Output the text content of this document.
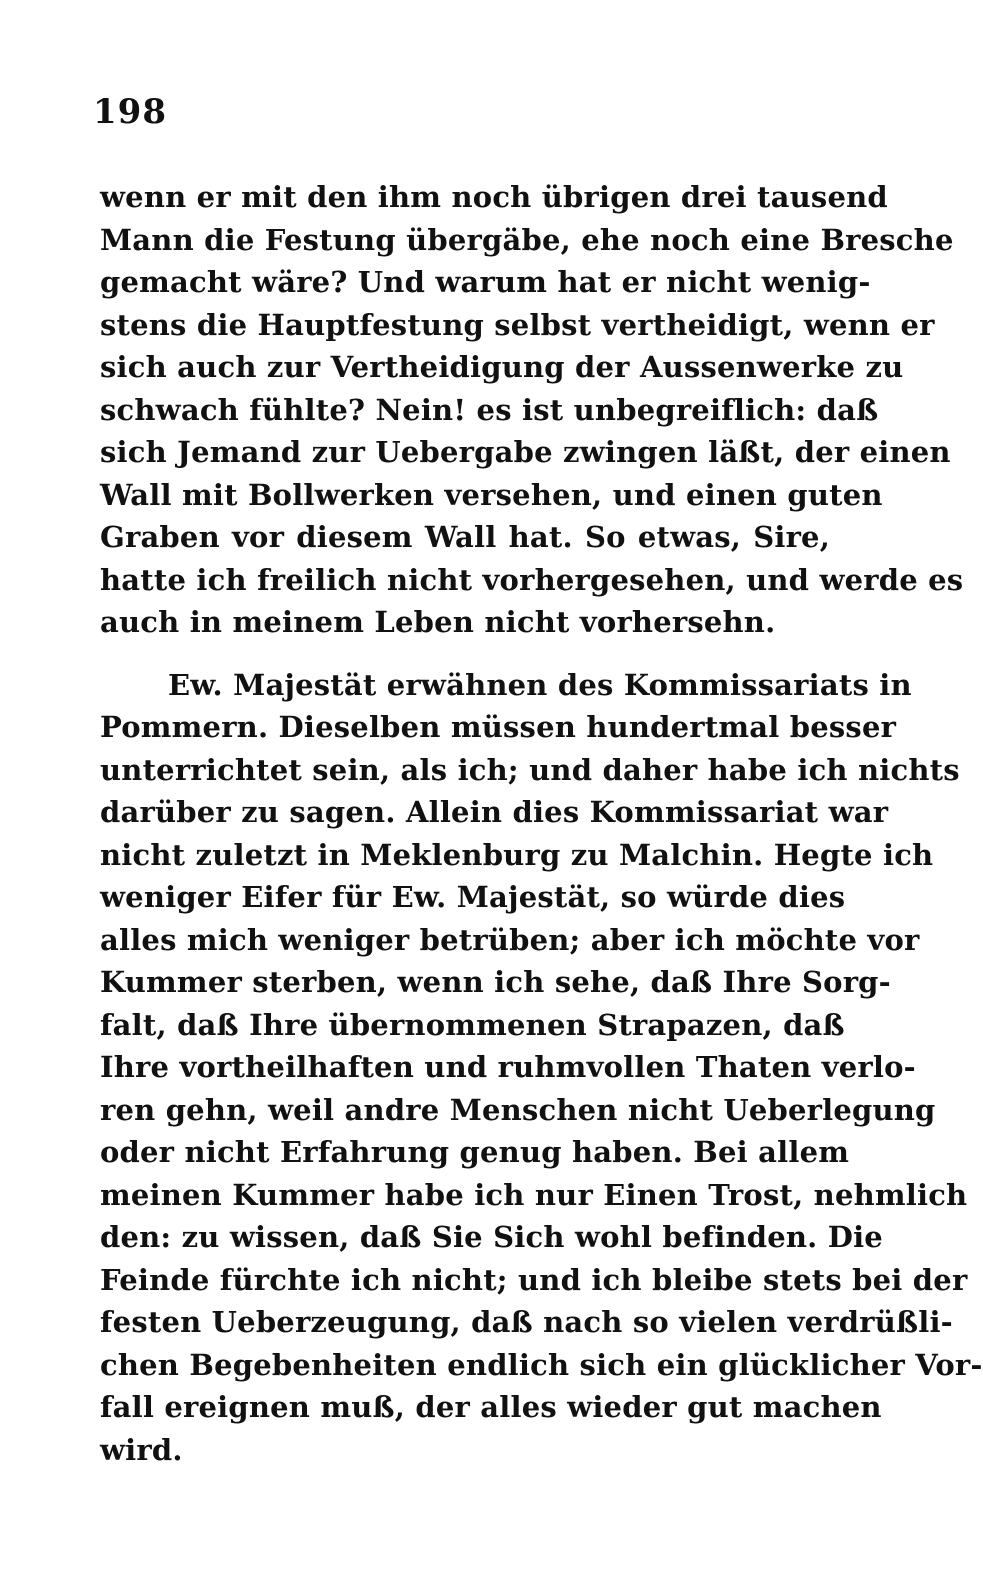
198
wenn er mit den ihm noch übrigen drei tausend
Mann die Festung übergäbe, ehe noch eine Bresche
gemacht wäre? Und warum hat er nicht wenig-
stens die Hauptfestung selbst vertheidigt, wenn er
sich auch zur Vertheidigung der Aussenwerke zu
schwach fühlte? Nein! es ist unbegreiflich: daß
sich Jemand zur Uebergabe zwingen läßt, der einen
Wall mit Bollwerken versehen, und einen guten
Graben vor diesem Wall hat. So etwas, Sire,
hatte ich freilich nicht vorhergesehen, und werde es
auch in meinem Leben nicht vorhersehn.
Ew. Majestät erwähnen des Kommissariats in
Pommern. Dieselben müssen hundertmal besser
unterrichtet sein, als ich; und daher habe ich nichts
darüber zu sagen. Allein dies Kommissariat war
nicht zuletzt in Meklenburg zu Malchin. Hegte ich
weniger Eifer für Ew. Majestät, so würde dies
alles mich weniger betrüben; aber ich möchte vor
Kummer sterben, wenn ich sehe, daß Ihre Sorg-
falt, daß Ihre übernommenen Strapazen, daß
Ihre vortheilhaften und ruhmvollen Thaten verlo-
ren gehn, weil andre Menschen nicht Ueberlegung
oder nicht Erfahrung genug haben. Bei allem
meinen Kummer habe ich nur Einen Trost, nehmlich
den: zu wissen, daß Sie Sich wohl befinden. Die
Feinde fürchte ich nicht; und ich bleibe stets bei der
festen Ueberzeugung, daß nach so vielen verdrüßli-
chen Begebenheiten endlich sich ein glücklicher Vor-
fall ereignen muß, der alles wieder gut machen
wird.
